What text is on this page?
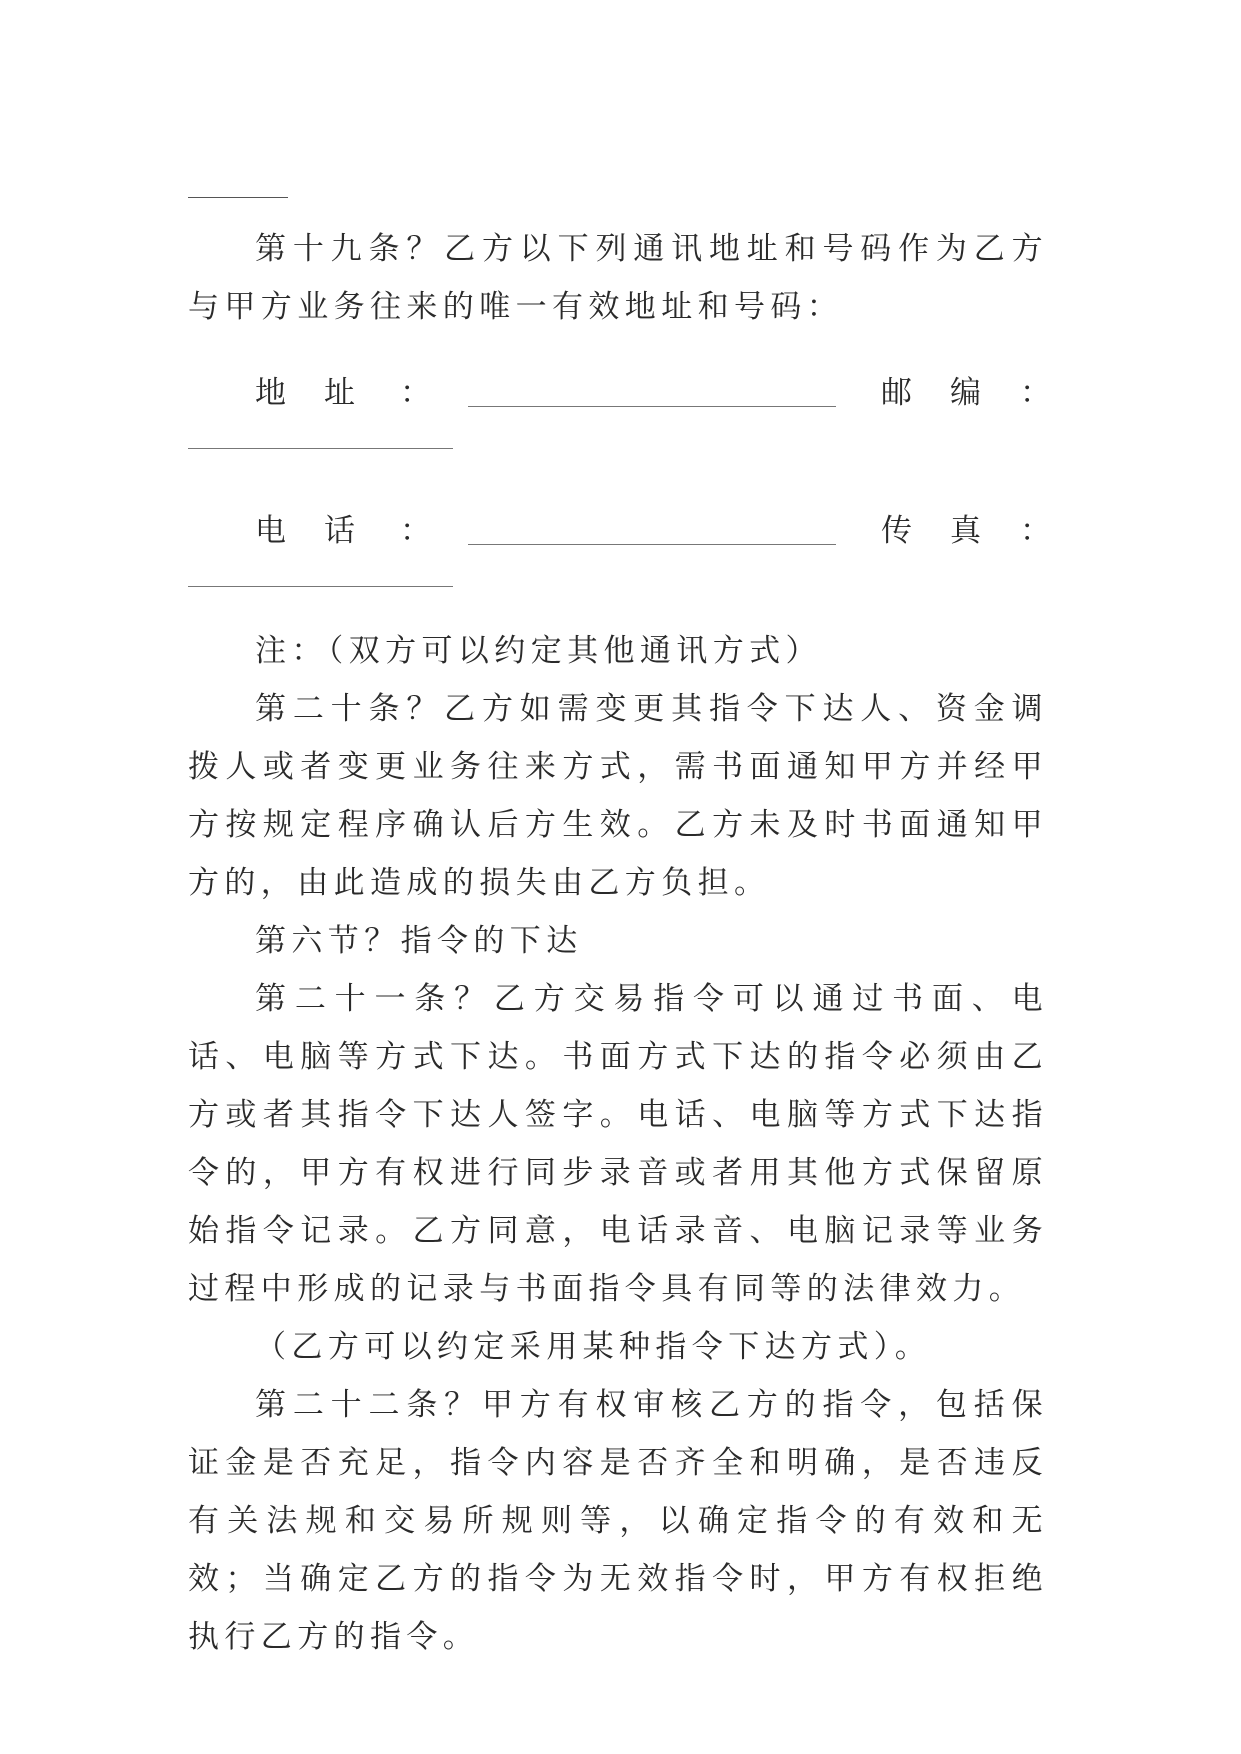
第十九条？乙方以下列通讯地址和号码作为乙方与甲方业务往来的唯一有效地址和号码：

地址 ：	邮编 ：
电话 ：	传真 ：

注：（双方可以约定其他通讯方式）

第二十条？乙方如需变更其指令下达人、资金调拨人或者变更业务往来方式，需书面通知甲方并经甲方按规定程序确认后方生效。乙方未及时书面通知甲方的，由此造成的损失由乙方负担。

第六节？指令的下达

第二十一条？乙方交易指令可以通过书面、电话、电脑等方式下达。书面方式下达的指令必须由乙方或者其指令下达人签字。电话、电脑等方式下达指令的，甲方有权进行同步录音或者用其他方式保留原始指令记录。乙方同意，电话录音、电脑记录等业务过程中形成的记录与书面指令具有同等的法律效力。

（乙方可以约定采用某种指令下达方式）。

第二十二条？甲方有权审核乙方的指令，包括保证金是否充足，指令内容是否齐全和明确，是否违反有关法规和交易所规则等，以确定指令的有效和无效；当确定乙方的指令为无效指令时，甲方有权拒绝执行乙方的指令。
